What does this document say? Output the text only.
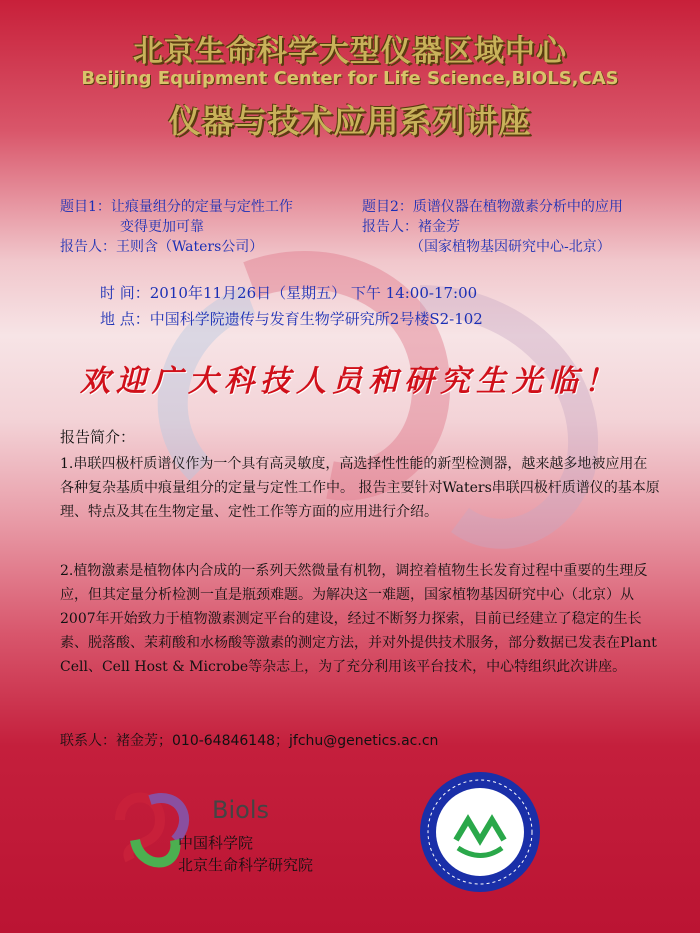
北京生命科学大型仪器区域中心
Beijing Equipment Center for Life Science,BIOLS,CAS
仪器与技术应用系列讲座
题目1：让痕量组分的定量与定性工作
变得更加可靠
报告人：王则含（Waters公司）
题目2：质谱仪器在植物激素分析中的应用
报告人：褚金芳
（国家植物基因研究中心-北京）
时 间：2010年11月26日（星期五） 下午 14:00-17:00
地 点：中国科学院遗传与发育生物学研究所2号楼S2-102
欢迎广大科技人员和研究生光临！
报告简介：
1.串联四极杆质谱仪作为一个具有高灵敏度，高选择性性能的新型检测器，越来越多地被应用在各种复杂基质中痕量组分的定量与定性工作中。 报告主要针对Waters串联四极杆质谱仪的基本原理、特点及其在生物定量、定性工作等方面的应用进行介绍。
2.植物激素是植物体内合成的一系列天然微量有机物，调控着植物生长发育过程中重要的生理反应，但其定量分析检测一直是瓶颈难题。为解决这一难题，国家植物基因研究中心（北京）从2007年开始致力于植物激素测定平台的建设，经过不断努力探索，目前已经建立了稳定的生长素、脱落酸、茉莉酸和水杨酸等激素的测定方法，并对外提供技术服务，部分数据已发表在Plant Cell、Cell Host & Microbe等杂志上，为了充分利用该平台技术，中心特组织此次讲座。
联系人：褚金芳；010-64846148；jfchu@genetics.ac.cn
Biols
中国科学院
北京生命科学研究院
